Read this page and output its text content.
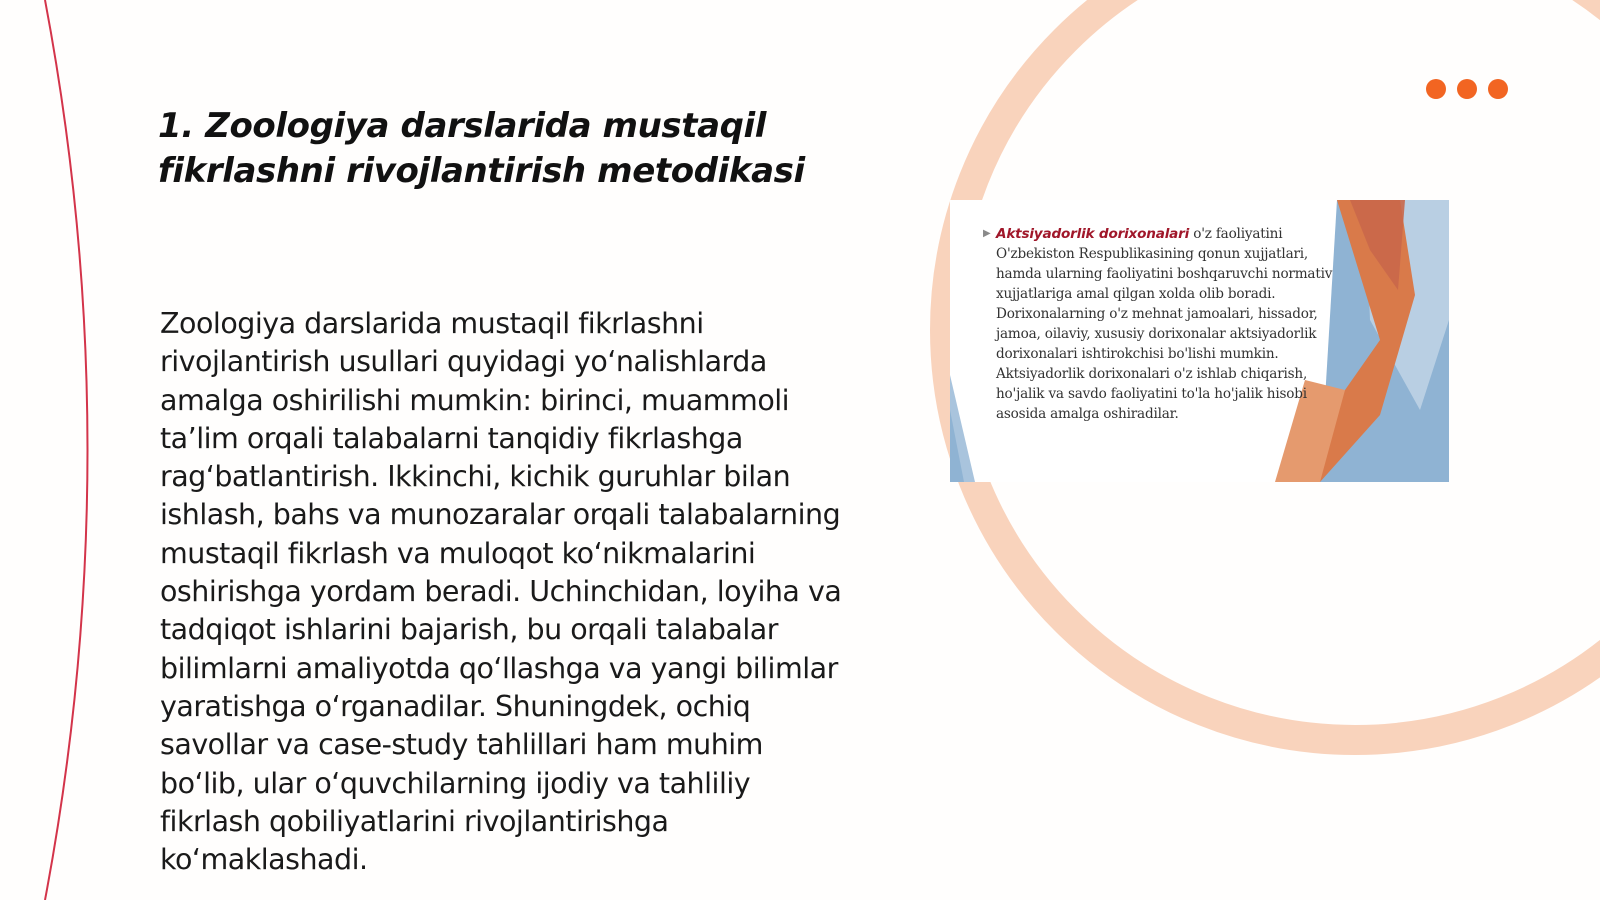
1. Zoologiya darslarida mustaqil fikrlashni rivojlantirish metodikasi

Zoologiya darslarida mustaqil fikrlashni rivojlantirish usullari quyidagi yo‘nalishlarda amalga oshirilishi mumkin: birinci, muammoli ta’lim orqali talabalarni tanqidiy fikrlashga rag‘batlantirish. Ikkinchi, kichik guruhlar bilan ishlash, bahs va munozaralar orqali talabalarning mustaqil fikrlash va muloqot ko‘nikmalarini oshirishga yordam beradi. Uchinchidan, loyiha va tadqiqot ishlarini bajarish, bu orqali talabalar bilimlarni amaliyotda qo‘llashga va yangi bilimlar yaratishga o‘rganadilar. Shuningdek, ochiq savollar va case-study tahlillari ham muhim bo‘lib, ular o‘quvchilarning ijodiy va tahliliy fikrlash qobiliyatlarini rivojlantirishga ko‘maklashadi.

▶ Aktsiyadorlik dorixonalari o'z faoliyatini O'zbekiston Respublikasining qonun xujjatlari, hamda ularning faoliyatini boshqaruvchi normativ xujjatlariga amal qilgan xolda olib boradi. Dorixonalarning o'z mehnat jamoalari, hissador, jamoa, oilaviy, xususiy dorixonalar aktsiyadorlik dorixonalari ishtirokchisi bo'lishi mumkin. Aktsiyadorlik dorixonalari o'z ishlab chiqarish, ho'jalik va savdo faoliyatini to'la ho'jalik hisobi asosida amalga oshiradilar.
